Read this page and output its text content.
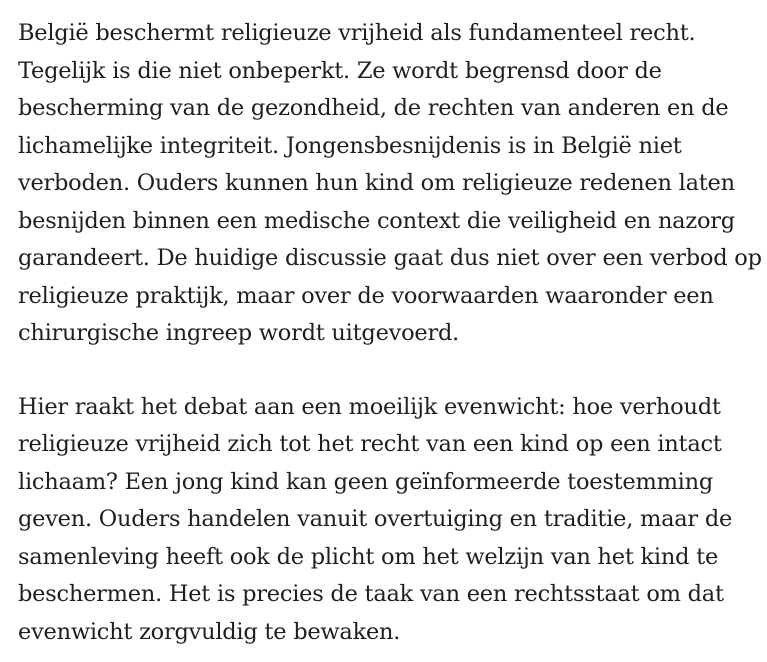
België beschermt religieuze vrijheid als fundamenteel recht.
Tegelijk is die niet onbeperkt. Ze wordt begrensd door de
bescherming van de gezondheid, de rechten van anderen en de
lichamelijke integriteit. Jongensbesnijdenis is in België niet
verboden. Ouders kunnen hun kind om religieuze redenen laten
besnijden binnen een medische context die veiligheid en nazorg
garandeert. De huidige discussie gaat dus niet over een verbod op
religieuze praktijk, maar over de voorwaarden waaronder een
chirurgische ingreep wordt uitgevoerd.

Hier raakt het debat aan een moeilijk evenwicht: hoe verhoudt
religieuze vrijheid zich tot het recht van een kind op een intact
lichaam? Een jong kind kan geen geïnformeerde toestemming
geven. Ouders handelen vanuit overtuiging en traditie, maar de
samenleving heeft ook de plicht om het welzijn van het kind te
beschermen. Het is precies de taak van een rechtsstaat om dat
evenwicht zorgvuldig te bewaken.
